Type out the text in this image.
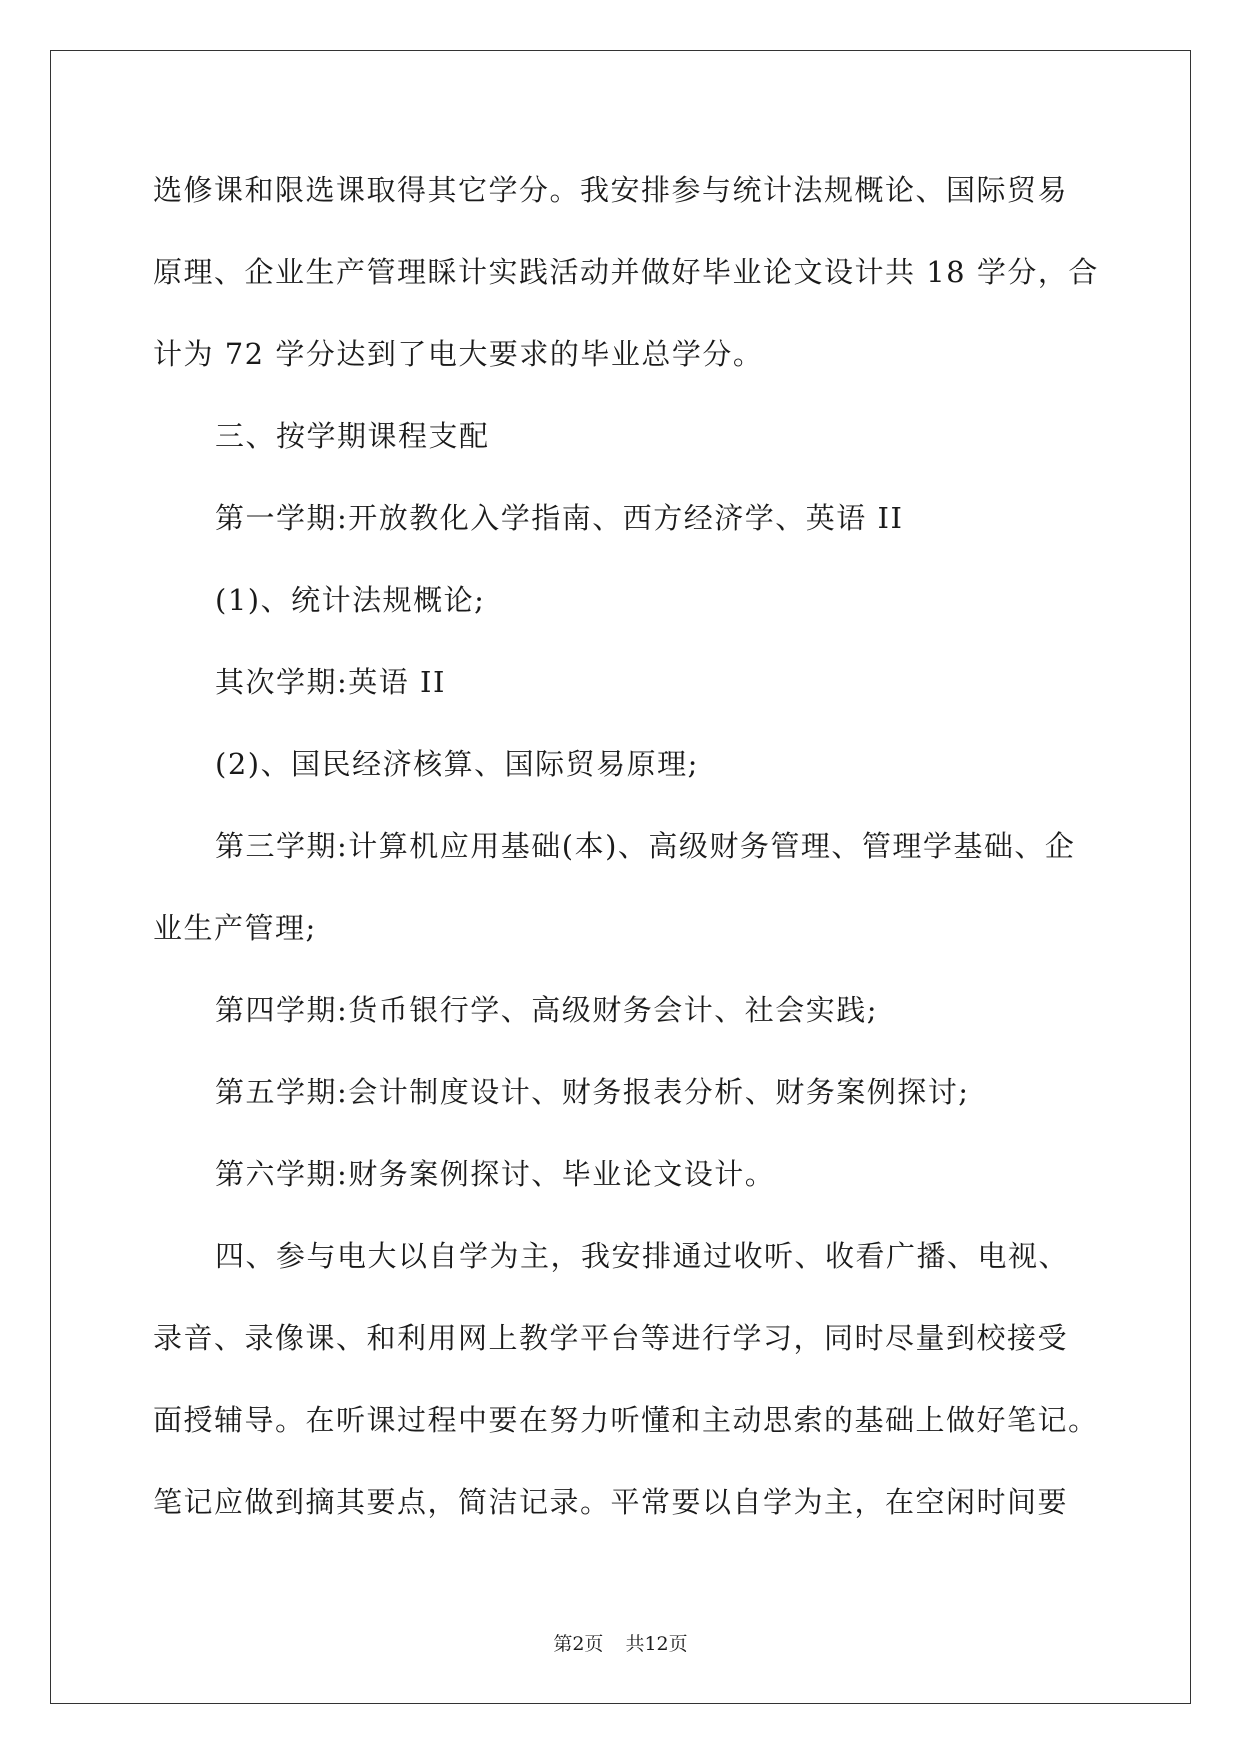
选修课和限选课取得其它学分。我安排参与统计法规概论、国际贸易
原理、企业生产管理睬计实践活动并做好毕业论文设计共 18 学分，合
计为 72 学分达到了电大要求的毕业总学分。
三、按学期课程支配
第一学期:开放教化入学指南、西方经济学、英语 II
(1)、统计法规概论;
其次学期:英语 II
(2)、国民经济核算、国际贸易原理;
第三学期:计算机应用基础(本)、高级财务管理、管理学基础、企
业生产管理;
第四学期:货币银行学、高级财务会计、社会实践;
第五学期:会计制度设计、财务报表分析、财务案例探讨;
第六学期:财务案例探讨、毕业论文设计。
四、参与电大以自学为主，我安排通过收听、收看广播、电视、
录音、录像课、和利用网上教学平台等进行学习，同时尽量到校接受
面授辅导。在听课过程中要在努力听懂和主动思索的基础上做好笔记。
笔记应做到摘其要点，简洁记录。平常要以自学为主，在空闲时间要
第2页 共12页
